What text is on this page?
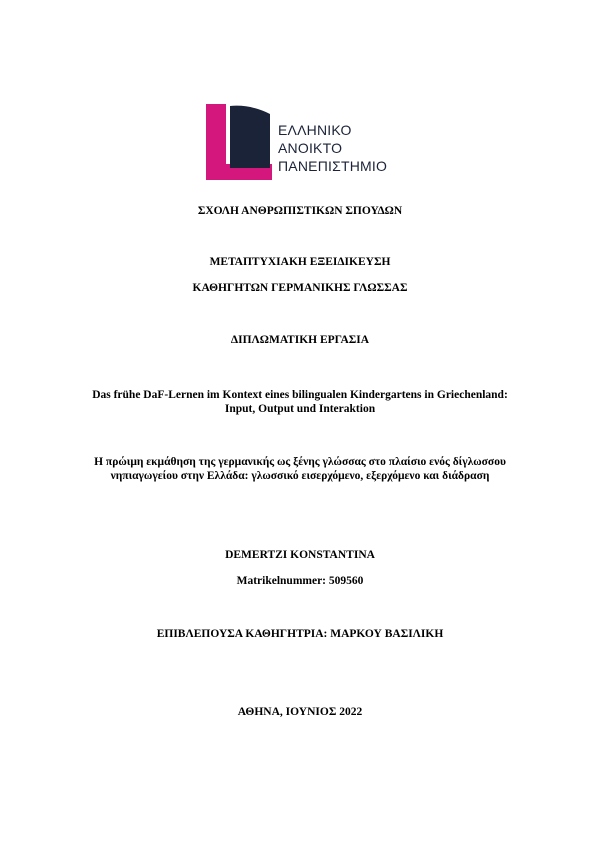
ΕΛΛΗΝΙΚΟ
ΑΝΟΙΚΤΟ
ΠΑΝΕΠΙΣΤΗΜΙΟ
ΣΧΟΛΗ ΑΝΘΡΩΠΙΣΤΙΚΩΝ ΣΠΟΥΔΩΝ
ΜΕΤΑΠΤΥΧΙΑΚΗ ΕΞΕΙΔΙΚΕΥΣΗ
ΚΑΘΗΓΗΤΩΝ ΓΕΡΜΑΝΙΚΗΣ ΓΛΩΣΣΑΣ
ΔΙΠΛΩΜΑΤΙΚΗ ΕΡΓΑΣΙΑ
Das frühe DaF-Lernen im Kontext eines bilingualen Kindergartens in Griechenland:
Input, Output und Interaktion
Η πρώιμη εκμάθηση της γερμανικής ως ξένης γλώσσας στο πλαίσιο ενός δίγλωσσου
νηπιαγωγείου στην Ελλάδα: γλωσσικό εισερχόμενο, εξερχόμενο και διάδραση
DEMERTZI KONSTANTINA
Matrikelnummer: 509560
ΕΠΙΒΛΕΠΟΥΣΑ ΚΑΘΗΓΗΤΡΙΑ: ΜΑΡΚΟΥ ΒΑΣΙΛΙΚΗ
ΑΘΗΝΑ, ΙΟΥΝΙΟΣ 2022
